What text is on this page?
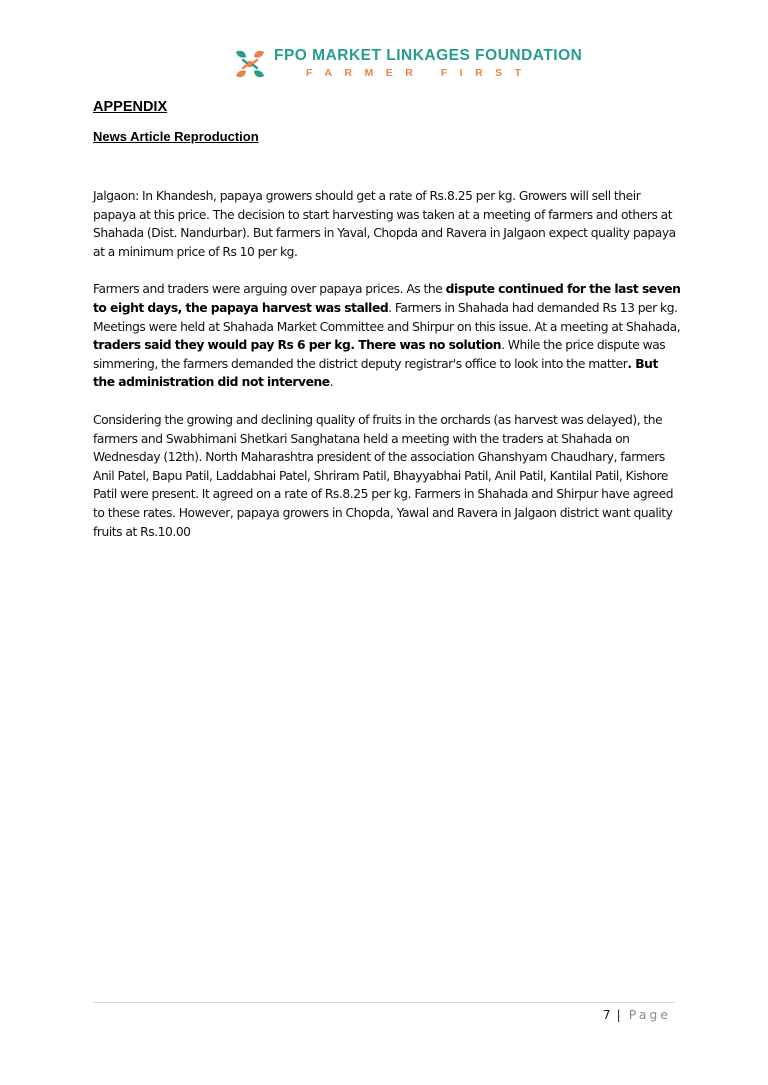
FPO MARKET LINKAGES FOUNDATION
FARMER FIRST
APPENDIX
News Article Reproduction

Jalgaon: In Khandesh, papaya growers should get a rate of Rs.8.25 per kg. Growers will sell their papaya at this price. The decision to start harvesting was taken at a meeting of farmers and others at Shahada (Dist. Nandurbar). But farmers in Yaval, Chopda and Ravera in Jalgaon expect quality papaya at a minimum price of Rs 10 per kg.

Farmers and traders were arguing over papaya prices. As the dispute continued for the last seven to eight days, the papaya harvest was stalled. Farmers in Shahada had demanded Rs 13 per kg. Meetings were held at Shahada Market Committee and Shirpur on this issue. At a meeting at Shahada, traders said they would pay Rs 6 per kg. There was no solution. While the price dispute was simmering, the farmers demanded the district deputy registrar's office to look into the matter. But the administration did not intervene.

Considering the growing and declining quality of fruits in the orchards (as harvest was delayed), the farmers and Swabhimani Shetkari Sanghatana held a meeting with the traders at Shahada on Wednesday (12th). North Maharashtra president of the association Ghanshyam Chaudhary, farmers Anil Patel, Bapu Patil, Laddabhai Patel, Shriram Patil, Bhayyabhai Patil, Anil Patil, Kantilal Patil, Kishore Patil were present. It agreed on a rate of Rs.8.25 per kg. Farmers in Shahada and Shirpur have agreed to these rates. However, papaya growers in Chopda, Yawal and Ravera in Jalgaon district want quality fruits at Rs.10.00

7 | Page
